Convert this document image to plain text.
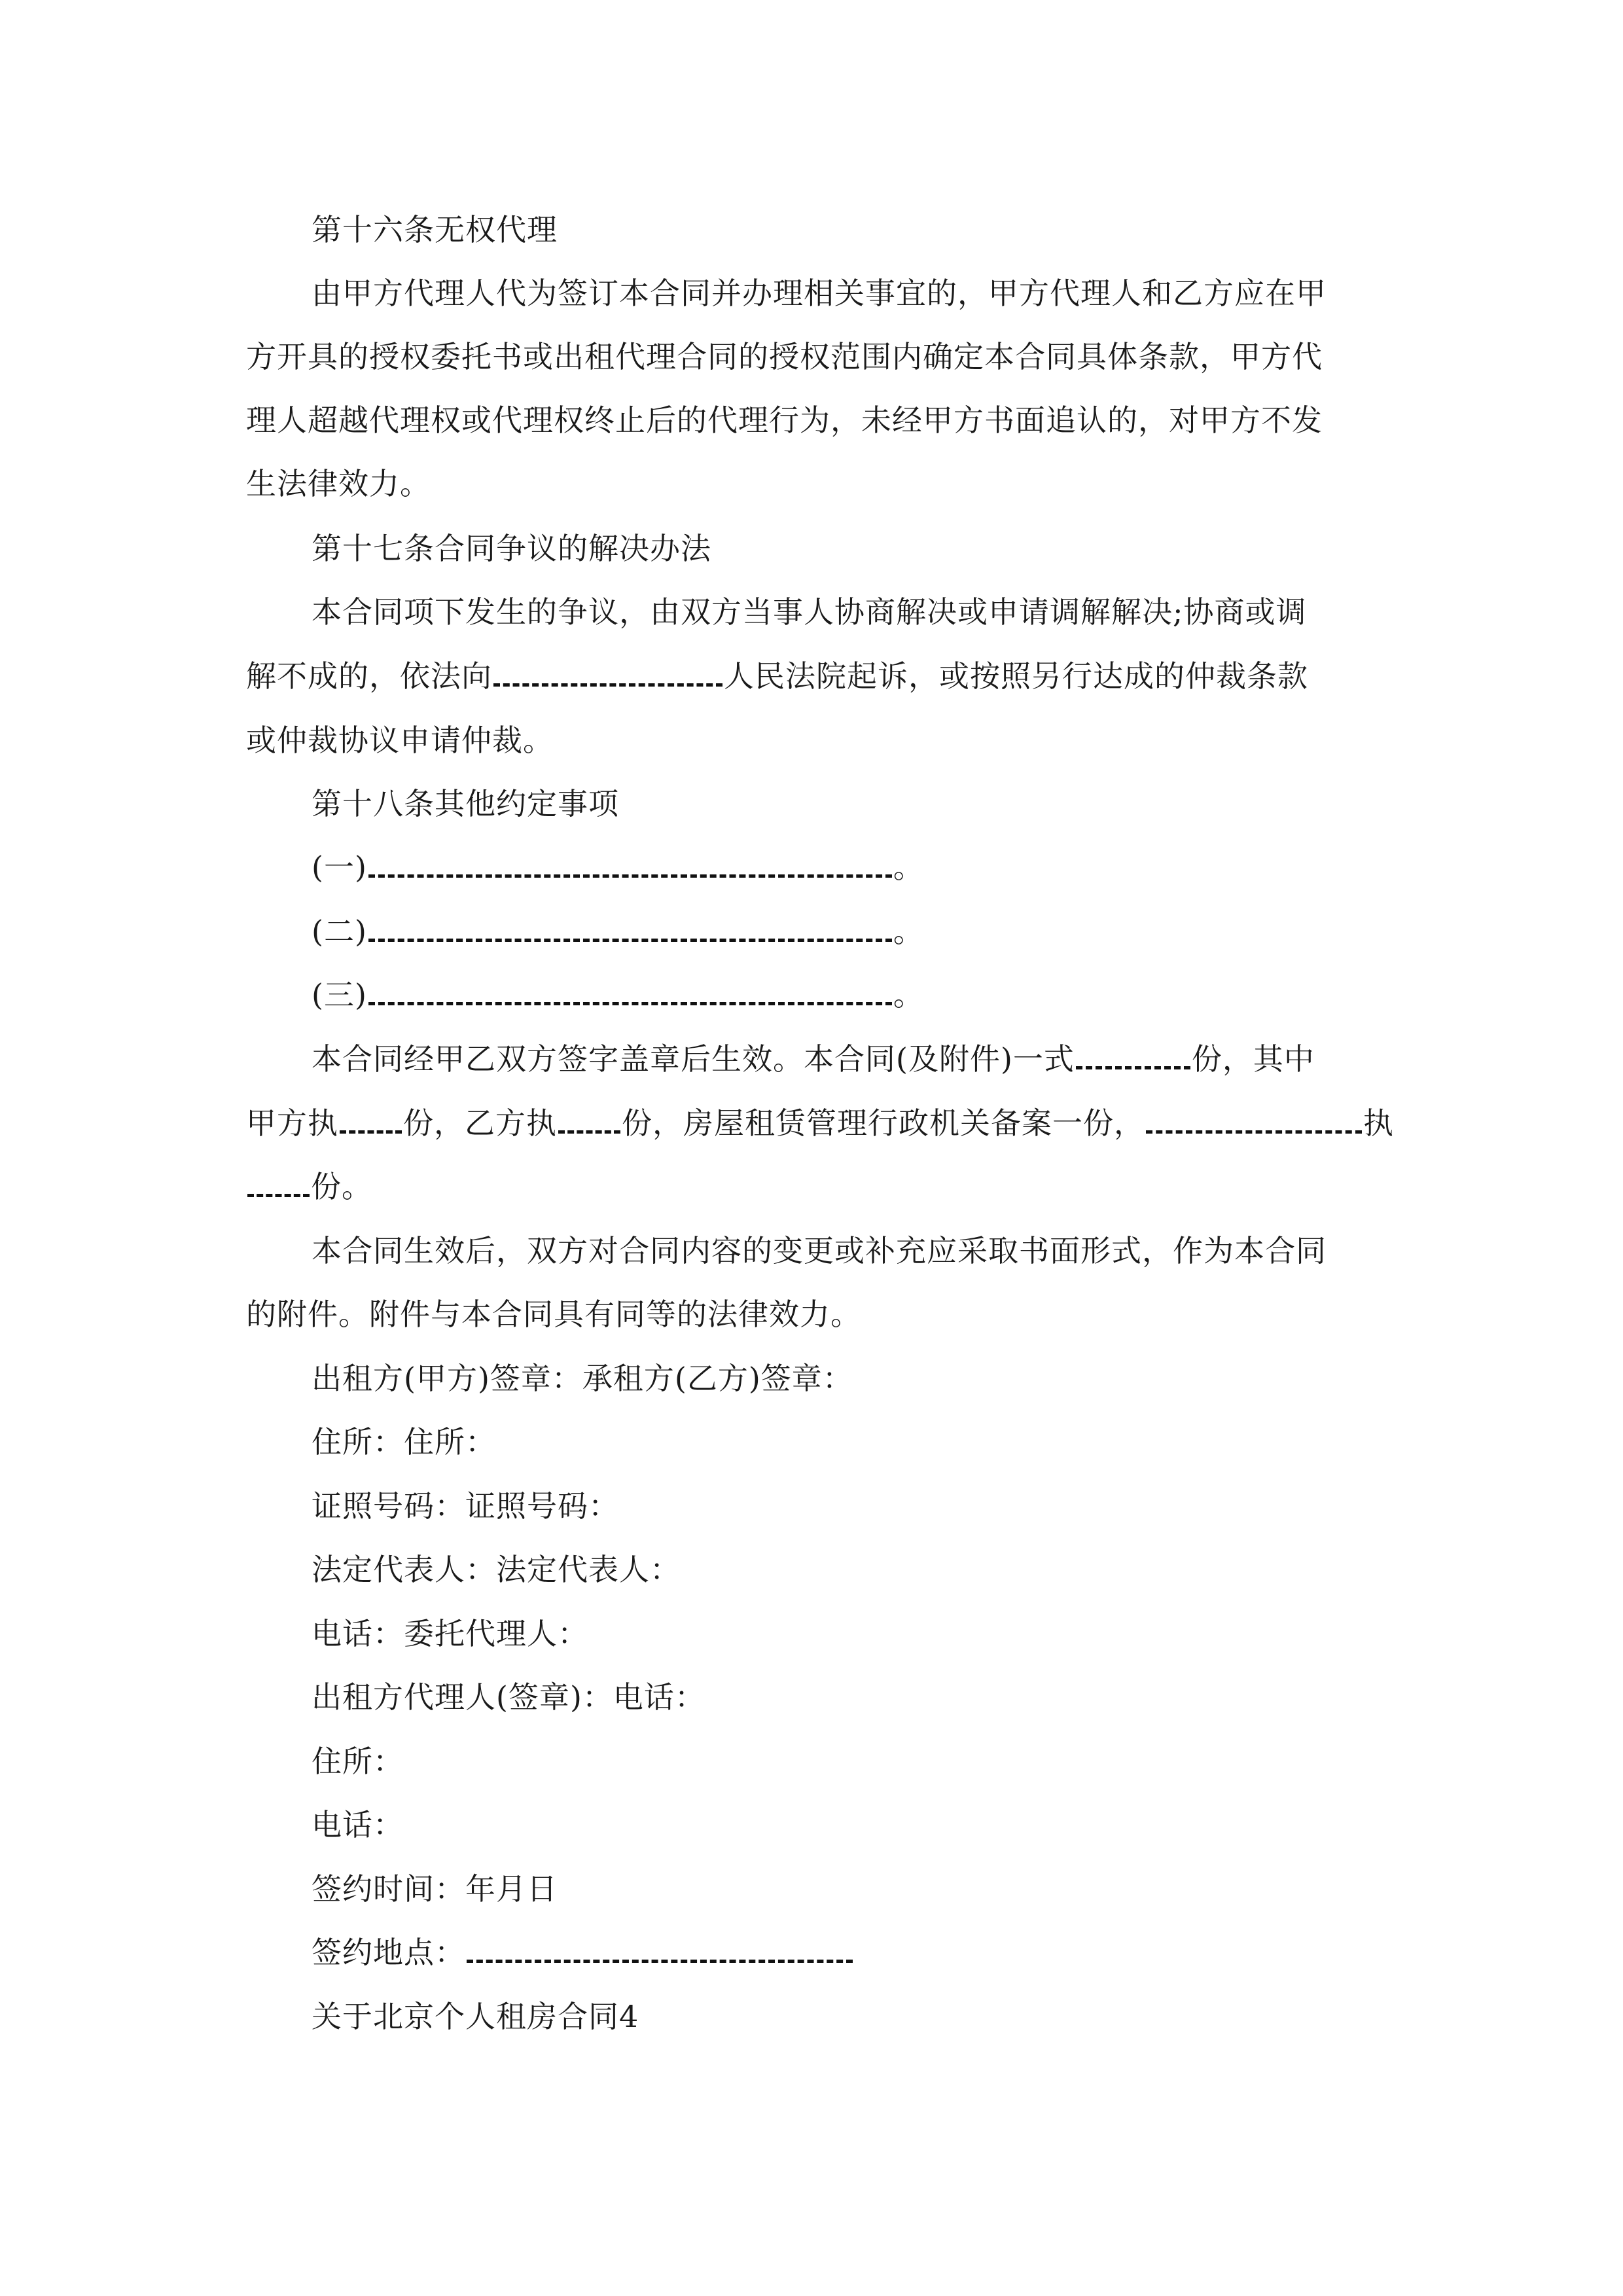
第十六条无权代理
由甲方代理人代为签订本合同并办理相关事宜的，甲方代理人和乙方应在甲
方开具的授权委托书或出租代理合同的授权范围内确定本合同具体条款，甲方代
理人超越代理权或代理权终止后的代理行为，未经甲方书面追认的，对甲方不发
生法律效力。
第十七条合同争议的解决办法
本合同项下发生的争议，由双方当事人协商解决或申请调解解决;协商或调
解不成的，依法向	人民法院起诉，或按照另行达成的仲裁条款
或仲裁协议申请仲裁。
第十八条其他约定事项
(一)	。
(二)	。
(三)	。
本合同经甲乙双方签字盖章后生效。本合同(及附件)一式	份，其中
甲方执 份，乙方执 份，房屋租赁管理行政机关备案一份，	执
份。
本合同生效后，双方对合同内容的变更或补充应采取书面形式，作为本合同
的附件。附件与本合同具有同等的法律效力。
出租方(甲方)签章：承租方(乙方)签章：
住所：住所：
证照号码：证照号码：
法定代表人：法定代表人：
电话：委托代理人：
出租方代理人(签章)：电话：
住所：
电话：
签约时间：年月日
签约地点：
关于北京个人租房合同4
